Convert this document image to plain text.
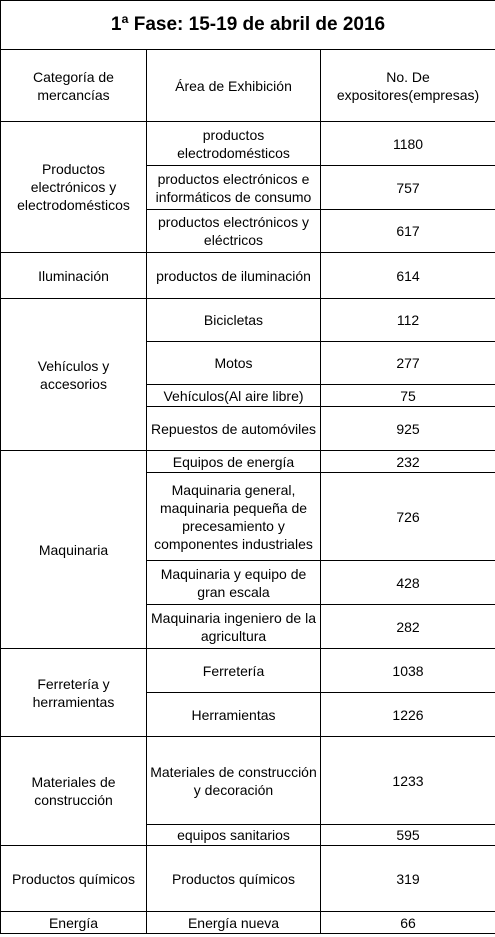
1ª Fase: 15-19 de abril de 2016		
Categoría de mercancías	Área de Exhibición	No. De expositores(empresas)
Productos electrónicos y electrodomésticos	productos electrodomésticos	1180
	productos electrónicos e informáticos de consumo	757
	productos electrónicos y eléctricos	617
Iluminación	productos de iluminación	614
Vehículos y accesorios	Bicicletas	112
	Motos	277
	Vehículos(Al aire libre)	75
	Repuestos de automóviles	925
Maquinaria	Equipos de energía	232
	Maquinaria general, maquinaria pequeña de precesamiento y componentes industriales	726
	Maquinaria y equipo de gran escala	428
	Maquinaria ingeniero de la agricultura	282
Ferretería y herramientas	Ferretería	1038
	Herramientas	1226
Materiales de construcción	Materiales de construcción y decoración	1233
	equipos sanitarios	595
Productos químicos	Productos químicos	319
Energía	Energía nueva	66
